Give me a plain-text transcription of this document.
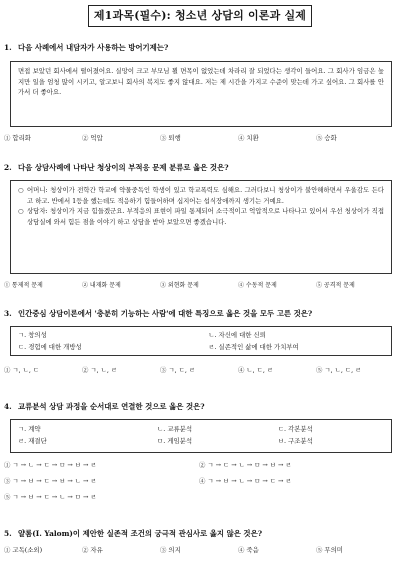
제1과목(필수): 청소년 상담의 이론과 실제
1. 다음 사례에서 내담자가 사용하는 방어기제는?

면접 보았던 회사에서 떨어졌어요. 실망이 크고 부모님 뵐 면목이 없었는데 차라리 잘 되었다는 생각이 들어요. 그 회사가 임금은 높지만 일을 엄청 많이 시키고, 알고보니 회사의 복지도 좋지 않대요. 저는 제 시간을 가지고 수준이 맞는데 가고 싶어요. 그 회사를 안가서 더 좋아요.

① 합리화	② 억압	③ 퇴행	④ 치환	⑤ 승화
2. 다음 상담사례에 나타난 청상이의 부적응 문제 분류로 옳은 것은?
○ 어머니: 청상이가 전학간 학교에 약물중독인 학생이 있고 학교폭력도 심해요. 그러다보니 청상이가 불안해하면서 우울감도 든다고 하고. 반에서 1등을 했는데도 적응하기 힘들어하며 십지어는 섭식장애까지 생기는 거예요.
○ 상담자: 청상이가 지금 힘들겠군요. 부적응의 표현이 파일 통제되어 소극적이고 억압적으로 나타나고 있어서 우선 청상이가 직접 상담실에 와서 힘든 점을 이야기 하고 상담을 받아 보았으면 좋겠습니다.
① 통제적 문제	② 내재화 문제	③ 외현화 문제	④ 수동적 문제	⑤ 공격적 문제
3. 인간중심 상담이론에서 '충분히 기능하는 사람'에 대한 특징으로 옳은 것을 모두 고른 것은?
ㄱ. 창의성	ㄴ. 자신에 대한 신뢰
ㄷ. 경험에 대한 개방성	ㄹ. 실존적인 삶에 대한 가치부여
① ㄱ, ㄴ, ㄷ	② ㄱ, ㄴ, ㄹ	③ ㄱ, ㄷ, ㄹ	④ ㄴ, ㄷ, ㄹ	⑤ ㄱ, ㄴ, ㄷ, ㄹ
4. 교류분석 상담 과정을 순서대로 연결한 것으로 옳은 것은?
ㄱ. 계약	ㄴ. 교류분석	ㄷ. 각본분석
ㄹ. 재결단	ㅁ. 게임분석	ㅂ. 구조분석
① ㄱ → ㄴ → ㄷ → ㅁ → ㅂ → ㄹ	② ㄱ → ㄷ → ㄴ → ㅁ → ㅂ → ㄹ
③ ㄱ → ㅂ → ㄷ → ㅂ → ㄴ → ㄹ	④ ㄱ → ㅂ → ㄴ → ㅁ → ㄷ → ㄹ
⑤ ㄱ → ㅂ → ㄷ → ㄴ → ㅁ → ㄹ
5. 얄롬(I. Yalom)이 제안한 실존적 조건의 궁극적 관심사로 옳지 않은 것은?
① 고독(소외)	② 자유	③ 의지	④ 죽음	⑤ 무의미
